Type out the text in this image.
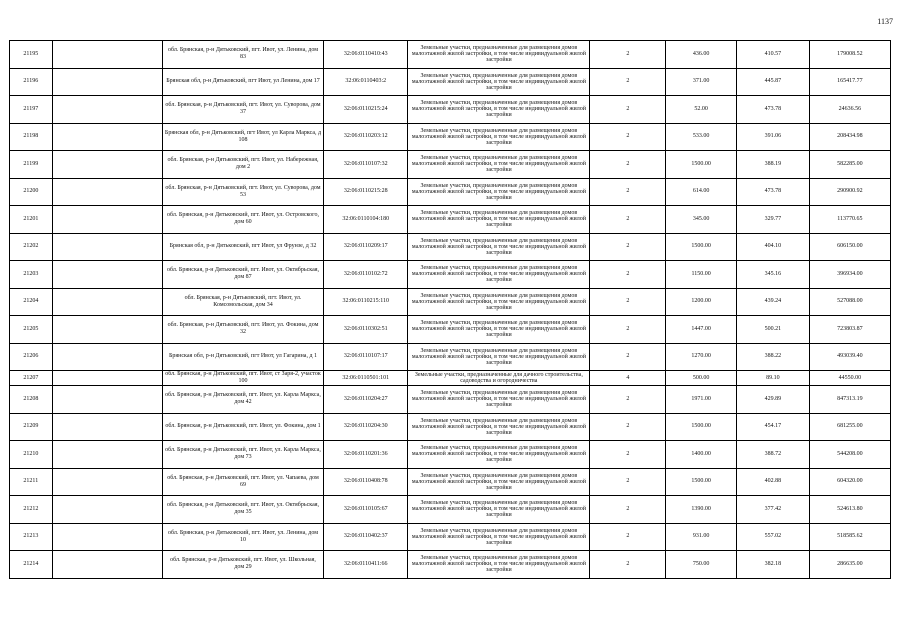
1137
21195		обл. Брянская, р-н Дятьковский, пгт. Ивот, ул. Ленина, дом 83	32:06:0110410:43	Земельные участки, предназначенные для размещения домов малоэтажной жилой застройки, в том числе индивидуальной жилой застройки	2	436.00	410.57	179008.52
21196		Брянская обл, р-н Дятьковский, пгт Ивот, ул Ленина, дом 17	32:06:0110403:2	Земельные участки, предназначенные для размещения домов малоэтажной жилой застройки, в том числе индивидуальной жилой застройки	2	371.00	445.87	165417.77
21197		обл. Брянская, р-н Дятьковский, пгт. Ивот, ул. Суворова, дом 37	32:06:0110215:24	Земельные участки, предназначенные для размещения домов малоэтажной жилой застройки, в том числе индивидуальной жилой застройки	2	52.00	473.78	24636.56
21198		Брянская обл, р-н Дятьковский, пгт Ивот, ул Карла Маркса, д 108	32:06:0110203:12	Земельные участки, предназначенные для размещения домов малоэтажной жилой застройки, в том числе индивидуальной жилой застройки	2	533.00	391.06	208434.98
21199		обл. Брянская, р-н Дятьковский, пгт. Ивот, ул. Набережная, дом 2	32:06:0110107:32	Земельные участки, предназначенные для размещения домов малоэтажной жилой застройки, в том числе индивидуальной жилой застройки	2	1500.00	388.19	582285.00
21200		обл. Брянская, р-н Дятьковский, пгт. Ивот, ул. Суворова, дом 53	32:06:0110215:28	Земельные участки, предназначенные для размещения домов малоэтажной жилой застройки, в том числе индивидуальной жилой застройки	2	614.00	473.78	290900.92
21201		обл. Брянская, р-н Дятьковский, пгт. Ивот, ул. Островского, дом 60	32:06:0110104:180	Земельные участки, предназначенные для размещения домов малоэтажной жилой застройки, в том числе индивидуальной жилой застройки	2	345.00	329.77	113770.65
21202		Брянская обл, р-н Дятьковский, пгт Ивот, ул Фрунзе, д 32	32:06:0110209:17	Земельные участки, предназначенные для размещения домов малоэтажной жилой застройки, в том числе индивидуальной жилой застройки	2	1500.00	404.10	606150.00
21203		обл. Брянская, р-н Дятьковский, пгт. Ивот, ул. Октябрьская, дом 87	32:06:0110102:72	Земельные участки, предназначенные для размещения домов малоэтажной жилой застройки, в том числе индивидуальной жилой застройки	2	1150.00	345.16	396934.00
21204		обл. Брянская, р-н Дятьковский, пгт. Ивот, ул. Комсомольская, дом 34	32:06:0110215:110	Земельные участки, предназначенные для размещения домов малоэтажной жилой застройки, в том числе индивидуальной жилой застройки	2	1200.00	439.24	527088.00
21205		обл. Брянская, р-н Дятьковский, пгт. Ивот, ул. Фокина, дом 32	32:06:0110302:51	Земельные участки, предназначенные для размещения домов малоэтажной жилой застройки, в том числе индивидуальной жилой застройки	2	1447.00	500.21	723803.87
21206		Брянская обл, р-н Дятьковский, пгт Ивот, ул Гагарина, д 1	32:06:0110107:17	Земельные участки, предназначенные для размещения домов малоэтажной жилой застройки, в том числе индивидуальной жилой застройки	2	1270.00	388.22	493039.40
21207		обл. Брянская, р-н Дятьковский, пгт. Ивот, ст Заря-2, участок 100	32:06:0110501:101	Земельные участки, предназначенные для дачного строительства, садоводства и огородничества	4	500.00	89.10	44550.00
21208		обл. Брянская, р-н Дятьковский, пгт. Ивот, ул. Карла Маркса, дом 42	32:06:0110204:27	Земельные участки, предназначенные для размещения домов малоэтажной жилой застройки, в том числе индивидуальной жилой застройки	2	1971.00	429.89	847313.19
21209		обл. Брянская, р-н Дятьковский, пгт. Ивот, ул. Фокина, дом 1	32:06:0110204:30	Земельные участки, предназначенные для размещения домов малоэтажной жилой застройки, в том числе индивидуальной жилой застройки	2	1500.00	454.17	681255.00
21210		обл. Брянская, р-н Дятьковский, пгт. Ивот, ул. Карла Маркса, дом 73	32:06:0110201:36	Земельные участки, предназначенные для размещения домов малоэтажной жилой застройки, в том числе индивидуальной жилой застройки	2	1400.00	388.72	544208.00
21211		обл. Брянская, р-н Дятьковский, пгт. Ивот, ул. Чапаева, дом 69	32:06:0110408:78	Земельные участки, предназначенные для размещения домов малоэтажной жилой застройки, в том числе индивидуальной жилой застройки	2	1500.00	402.88	604320.00
21212		обл. Брянская, р-н Дятьковский, пгт. Ивот, ул. Октябрьская, дом 35	32:06:0110105:67	Земельные участки, предназначенные для размещения домов малоэтажной жилой застройки, в том числе индивидуальной жилой застройки	2	1390.00	377.42	524613.80
21213		обл. Брянская, р-н Дятьковский, пгт. Ивот, ул. Ленина, дом 10	32:06:0110402:37	Земельные участки, предназначенные для размещения домов малоэтажной жилой застройки, в том числе индивидуальной жилой застройки	2	931.00	557.02	518585.62
21214		обл. Брянская, р-н Дятьковский, пгт. Ивот, ул. Школьная, дом 29	32:06:0110411:66	Земельные участки, предназначенные для размещения домов малоэтажной жилой застройки, в том числе индивидуальной жилой застройки	2	750.00	382.18	286635.00
